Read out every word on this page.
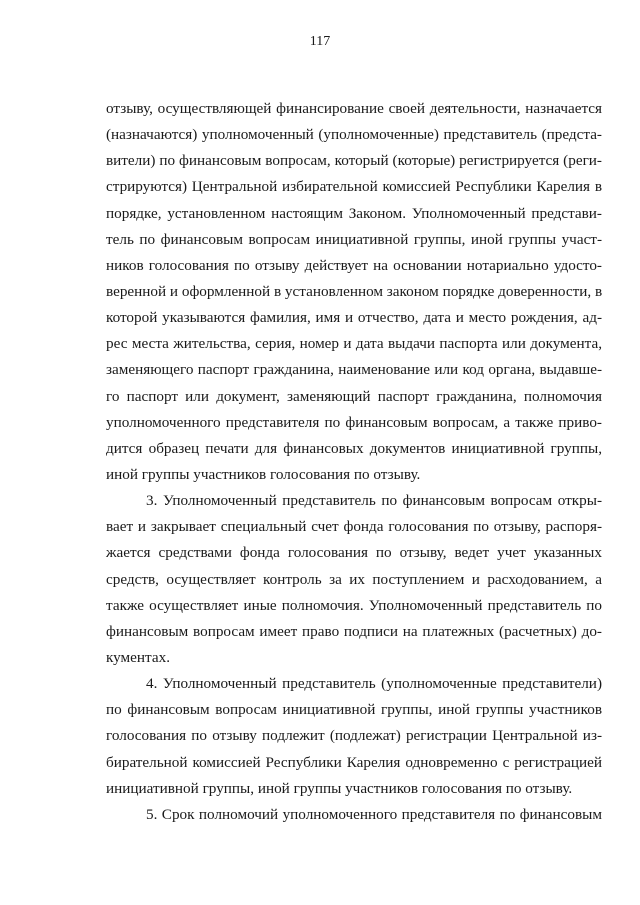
117
отзыву, осуществляющей финансирование своей деятельности, назначается
(назначаются) уполномоченный (уполномоченные) представитель (предста-
вители) по финансовым вопросам, который (которые) регистрируется (реги-
стрируются) Центральной избирательной комиссией Республики Карелия в
порядке, установленном настоящим Законом. Уполномоченный представи-
тель по финансовым вопросам инициативной группы, иной группы участ-
ников голосования по отзыву действует на основании нотариально удосто-
веренной и оформленной в установленном законом порядке доверенности, в
которой указываются фамилия, имя и отчество, дата и место рождения, ад-
рес места жительства, серия, номер и дата выдачи паспорта или документа,
заменяющего паспорт гражданина, наименование или код органа, выдавше-
го паспорт или документ, заменяющий паспорт гражданина, полномочия
уполномоченного представителя по финансовым вопросам, а также приво-
дится образец печати для финансовых документов инициативной группы,
иной группы участников голосования по отзыву.
3. Уполномоченный представитель по финансовым вопросам откры-
вает и закрывает специальный счет фонда голосования по отзыву, распоря-
жается средствами фонда голосования по отзыву, ведет учет указанных
средств, осуществляет контроль за их поступлением и расходованием, а
также осуществляет иные полномочия. Уполномоченный представитель по
финансовым вопросам имеет право подписи на платежных (расчетных) до-
кументах.
4. Уполномоченный представитель (уполномоченные представители)
по финансовым вопросам инициативной группы, иной группы участников
голосования по отзыву подлежит (подлежат) регистрации Центральной из-
бирательной комиссией Республики Карелия одновременно с регистрацией
инициативной группы, иной группы участников голосования по отзыву.
5. Срок полномочий уполномоченного представителя по финансовым
